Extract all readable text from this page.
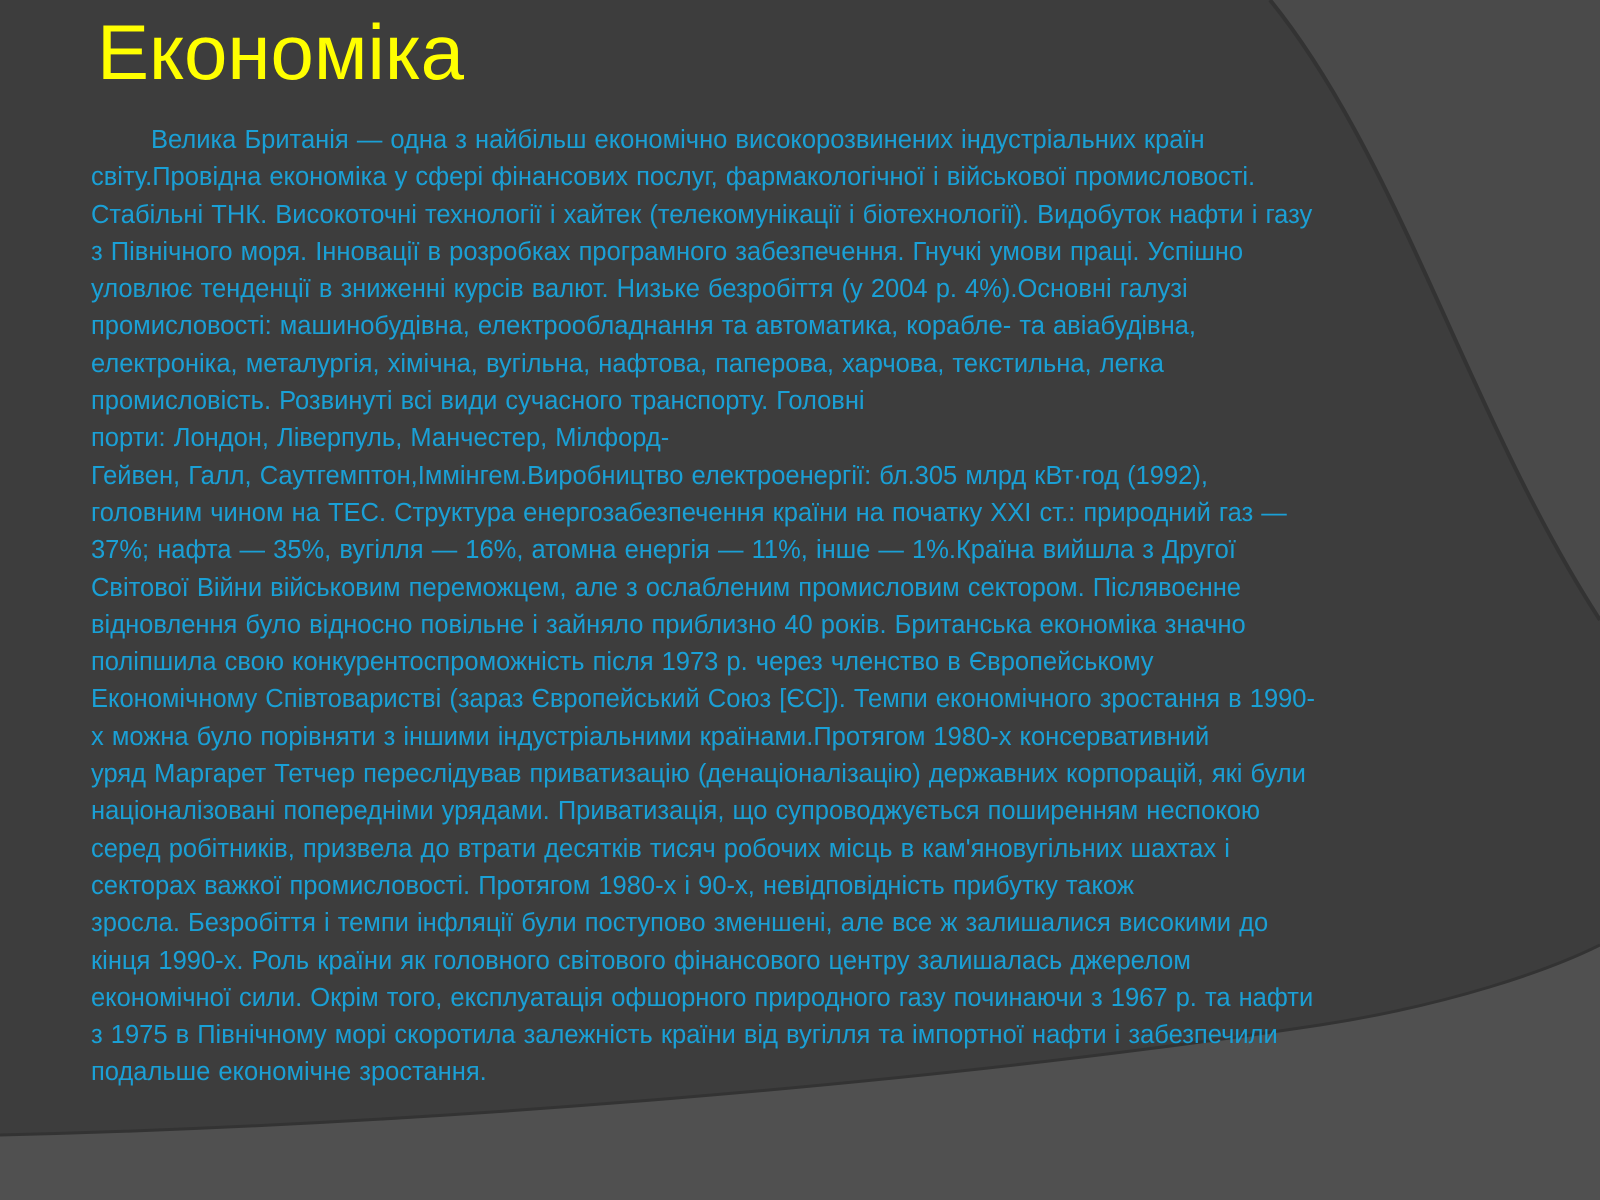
Економіка
Велика Британія — одна з найбільш економічно високорозвинених індустріальних країн
світу.Провідна економіка у сфері фінансових послуг, фармакологічної і військової промисловості.
Стабільні ТНК. Високоточні технології і хайтек (телекомунікації і біотехнології). Видобуток нафти і газу
з Північного моря. Інновації в розробках програмного забезпечення. Гнучкі умови праці. Успішно
уловлює тенденції в зниженні курсів валют. Низьке безробіття (у 2004 р. 4%).Основні галузі
промисловості: машинобудівна, електрообладнання та автоматика, корабле- та авіабудівна,
електроніка, металургія, хімічна, вугільна, нафтова, паперова, харчова, текстильна, легка
промисловість. Розвинуті всі види сучасного транспорту. Головні
порти: Лондон, Ліверпуль, Манчестер, Мілфорд-
Гейвен, Галл, Саутгемптон,Іммінгем.Виробництво електроенергії: бл.305 млрд кВт·год (1992),
головним чином на ТЕС. Структура енергозабезпечення країни на початку XXI ст.: природний газ —
37%; нафта — 35%, вугілля — 16%, атомна енергія — 11%, інше — 1%.Країна вийшла з Другої
Світової Війни військовим переможцем, але з ослабленим промисловим сектором. Післявоєнне
відновлення було відносно повільне і зайняло приблизно 40 років. Британська економіка значно
поліпшила свою конкурентоспроможність після 1973 р. через членство в Європейському
Економічному Співтоваристві (зараз Європейський Союз [ЄС]). Темпи економічного зростання в 1990-
х можна було порівняти з іншими індустріальними країнами.Протягом 1980-х консервативний
уряд Маргарет Тетчер переслідував приватизацію (денаціоналізацію) державних корпорацій, які були
націоналізовані попередніми урядами. Приватизація, що супроводжується поширенням неспокою
серед робітників, призвела до втрати десятків тисяч робочих місць в кам'яновугільних шахтах і
секторах важкої промисловості. Протягом 1980-х і 90-х, невідповідність прибутку також
зросла. Безробіття і темпи інфляції були поступово зменшені, але все ж залишалися високими до
кінця 1990-х. Роль країни як головного світового фінансового центру залишалась джерелом
економічної сили. Окрім того, експлуатація офшорного природного газу починаючи з 1967 р. та нафти
з 1975 в Північному морі скоротила залежність країни від вугілля та імпортної нафти і забезпечили
подальше економічне зростання.
